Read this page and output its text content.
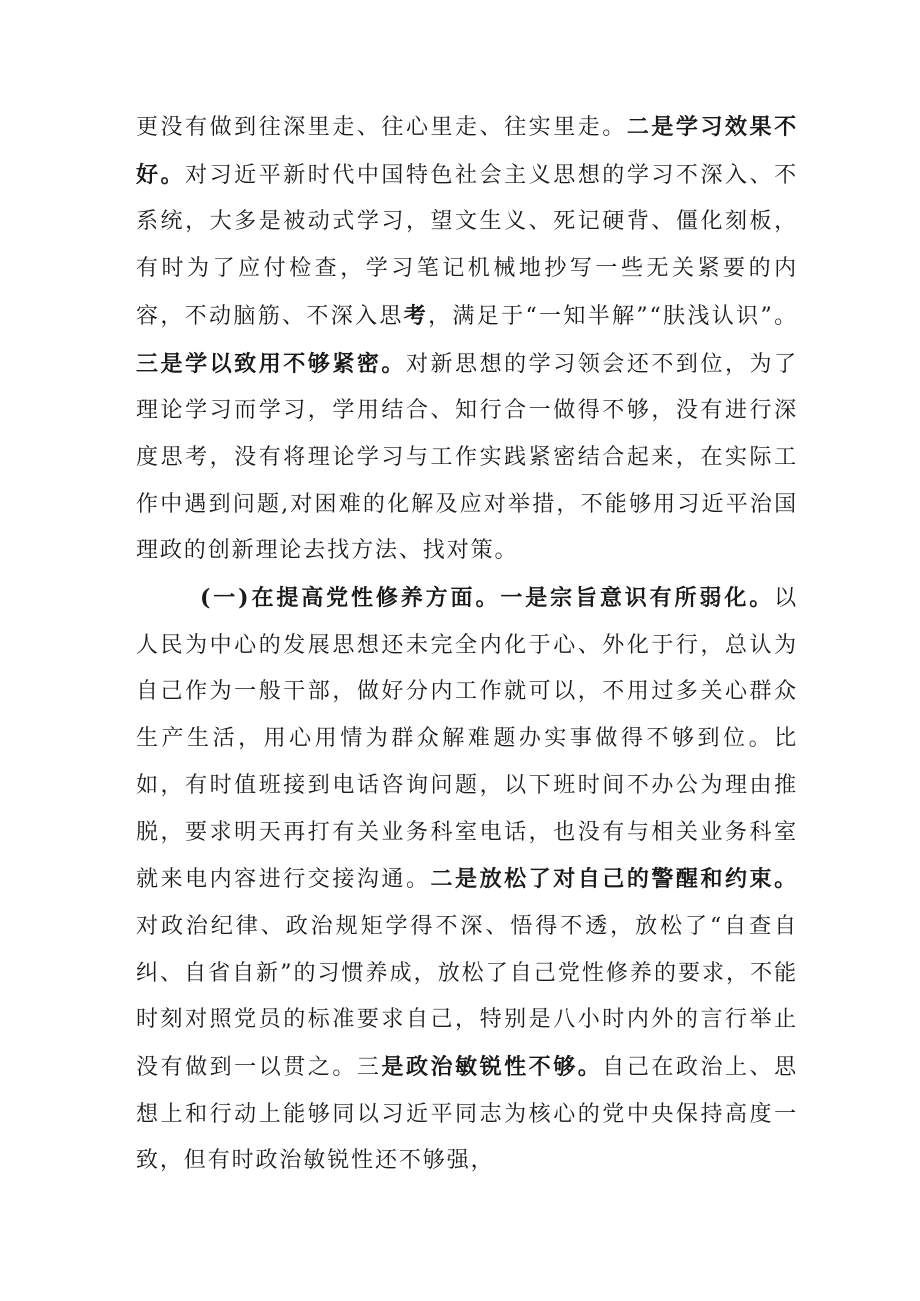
更没有做到往深里走、往心里走、往实里走。二是学习效果不好。对习近平新时代中国特色社会主义思想的学习不深入、不系统，大多是被动式学习，望文生义、死记硬背、僵化刻板，有时为了应付检查，学习笔记机械地抄写一些无关紧要的内容，不动脑筋、不深入思考，满足于“一知半解”“肤浅认识”。三是学以致用不够紧密。对新思想的学习领会还不到位，为了理论学习而学习，学用结合、知行合一做得不够，没有进行深度思考，没有将理论学习与工作实践紧密结合起来，在实际工作中遇到问题,对困难的化解及应对举措，不能够用习近平治国理政的创新理论去找方法、找对策。

(一)在提高党性修养方面。一是宗旨意识有所弱化。以人民为中心的发展思想还未完全内化于心、外化于行，总认为自己作为一般干部，做好分内工作就可以，不用过多关心群众生产生活，用心用情为群众解难题办实事做得不够到位。比如，有时值班接到电话咨询问题，以下班时间不办公为理由推脱，要求明天再打有关业务科室电话，也没有与相关业务科室就来电内容进行交接沟通。二是放松了对自己的警醒和约束。对政治纪律、政治规矩学得不深、悟得不透，放松了“自查自纠、自省自新”的习惯养成，放松了自己党性修养的要求，不能时刻对照党员的标准要求自己，特别是八小时内外的言行举止没有做到一以贯之。三是政治敏锐性不够。自己在政治上、思想上和行动上能够同以习近平同志为核心的党中央保持高度一致，但有时政治敏锐性还不够强，
